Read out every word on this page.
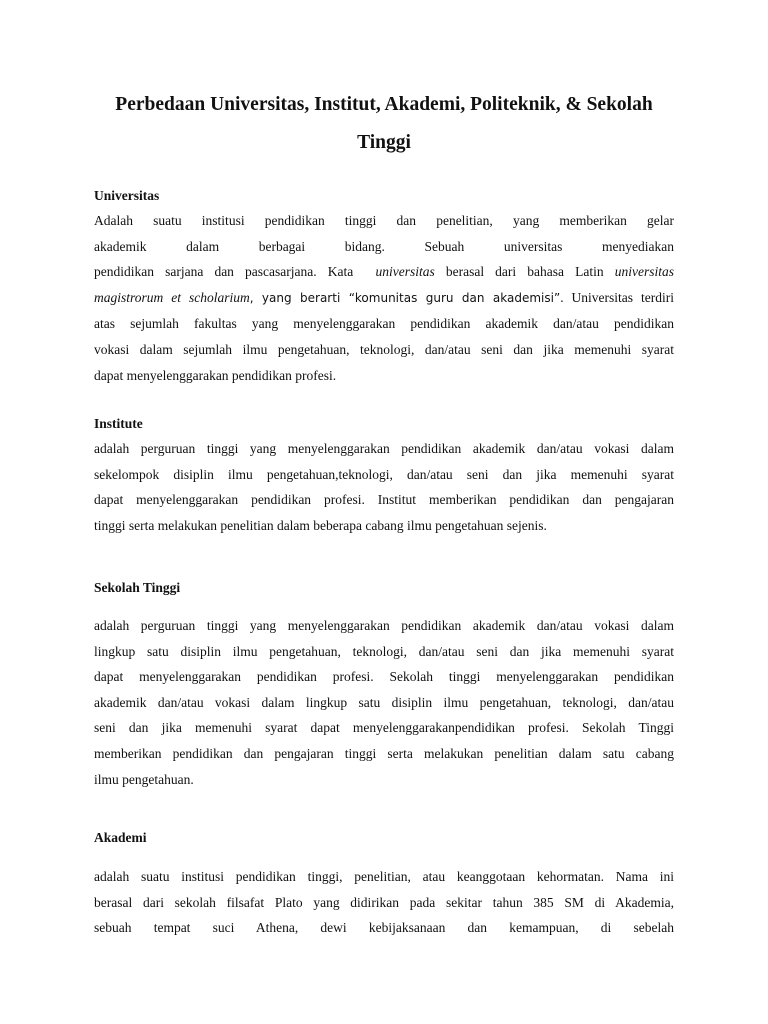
Perbedaan Universitas, Institut, Akademi, Politeknik, & Sekolah Tinggi
Universitas
Adalah suatu institusi pendidikan tinggi dan penelitian, yang memberikan gelar
akademik dalam berbagai bidang. Sebuah universitas menyediakan
pendidikan sarjana dan pascasarjana. Kata universitas berasal dari bahasa Latin universitas
magistrorum et scholarium, yang berarti “komunitas guru dan akademisi”. Universitas terdiri
atas sejumlah fakultas yang menyelenggarakan pendidikan akademik dan/atau pendidikan
vokasi dalam sejumlah ilmu pengetahuan, teknologi, dan/atau seni dan jika memenuhi syarat
dapat menyelenggarakan pendidikan profesi.
Institute
adalah perguruan tinggi yang menyelenggarakan pendidikan akademik dan/atau vokasi dalam
sekelompok disiplin ilmu pengetahuan,teknologi, dan/atau seni dan jika memenuhi syarat
dapat menyelenggarakan pendidikan profesi. Institut memberikan pendidikan dan pengajaran
tinggi serta melakukan penelitian dalam beberapa cabang ilmu pengetahuan sejenis.
Sekolah Tinggi
adalah perguruan tinggi yang menyelenggarakan pendidikan akademik dan/atau vokasi dalam
lingkup satu disiplin ilmu pengetahuan, teknologi, dan/atau seni dan jika memenuhi syarat
dapat menyelenggarakan pendidikan profesi. Sekolah tinggi menyelenggarakan pendidikan
akademik dan/atau vokasi dalam lingkup satu disiplin ilmu pengetahuan, teknologi, dan/atau
seni dan jika memenuhi syarat dapat menyelenggarakanpendidikan profesi. Sekolah Tinggi
memberikan pendidikan dan pengajaran tinggi serta melakukan penelitian dalam satu cabang
ilmu pengetahuan.
Akademi
adalah suatu institusi pendidikan tinggi, penelitian, atau keanggotaan kehormatan. Nama ini
berasal dari sekolah filsafat Plato yang didirikan pada sekitar tahun 385 SM di Akademia,
sebuah tempat suci Athena, dewi kebijaksanaan dan kemampuan, di sebelah
